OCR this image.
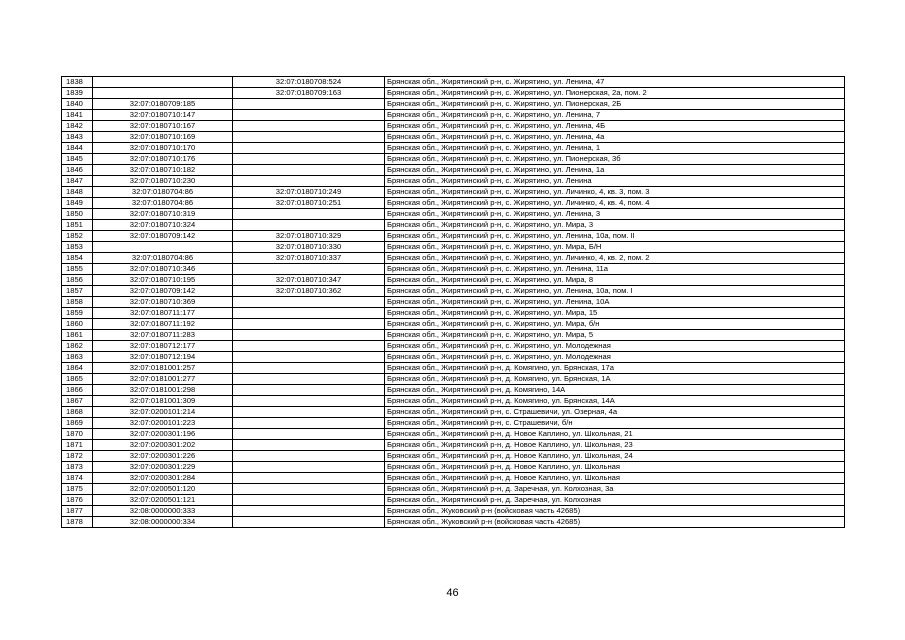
1838		32:07:0180708:524	Брянская обл., Жирятинский р-н, с. Жирятино, ул. Ленина, 47
1839		32:07:0180709:163	Брянская обл., Жирятинский р-н, с. Жирятино, ул. Пионерская, 2а, пом. 2
1840	32:07:0180709:185		Брянская обл., Жирятинский р-н, с. Жирятино, ул. Пионерская, 2Б
1841	32:07:0180710:147		Брянская обл., Жирятинский р-н, с. Жирятино, ул. Ленина, 7
1842	32:07:0180710:167		Брянская обл., Жирятинский р-н, с. Жирятино, ул. Ленина, 4Б
1843	32:07:0180710:169		Брянская обл., Жирятинский р-н, с. Жирятино, ул. Ленина, 4а
1844	32:07:0180710:170		Брянская обл., Жирятинский р-н, с. Жирятино, ул. Ленина, 1
1845	32:07:0180710:176		Брянская обл., Жирятинский р-н, с. Жирятино, ул. Пионерская, 3б
1846	32:07:0180710:182		Брянская обл., Жирятинский р-н, с. Жирятино, ул. Ленина, 1а
1847	32:07:0180710:230		Брянская обл., Жирятинский р-н, с. Жирятино, ул. Ленина
1848	32:07:0180704:86	32:07:0180710:249	Брянская обл., Жирятинский р-н, с. Жирятино, ул. Личинко, 4, кв. 3, пом. 3
1849	32:07:0180704:86	32:07:0180710:251	Брянская обл., Жирятинский р-н, с. Жирятино, ул. Личинко, 4, кв. 4, пом. 4
1850	32:07:0180710:319		Брянская обл., Жирятинский р-н, с. Жирятино, ул. Ленина, 3
1851	32:07:0180710:324		Брянская обл., Жирятинский р-н, с. Жирятино, ул. Мира, 3
1852	32:07:0180709:142	32:07:0180710:329	Брянская обл., Жирятинский р-н, с. Жирятино, ул. Ленина, 10а, пом. II
1853		32:07:0180710:330	Брянская обл., Жирятинский р-н, с. Жирятино, ул. Мира, Б/Н
1854	32:07:0180704:86	32:07:0180710:337	Брянская обл., Жирятинский р-н, с. Жирятино, ул. Личинко, 4, кв. 2, пом. 2
1855	32:07:0180710:346		Брянская обл., Жирятинский р-н, с. Жирятино, ул. Ленина, 11а
1856	32:07:0180710:195	32:07:0180710:347	Брянская обл., Жирятинский р-н, с. Жирятино, ул. Мира, 8
1857	32:07:0180709:142	32:07:0180710:362	Брянская обл., Жирятинский р-н, с. Жирятино, ул. Ленина, 10а, пом. I
1858	32:07:0180710:369		Брянская обл., Жирятинский р-н, с. Жирятино, ул. Ленина, 10А
1859	32:07:0180711:177		Брянская обл., Жирятинский р-н, с. Жирятино, ул. Мира, 15
1860	32:07:0180711:192		Брянская обл., Жирятинский р-н, с. Жирятино, ул. Мира, б/н
1861	32:07:0180711:283		Брянская обл., Жирятинский р-н, с. Жирятино, ул. Мира, 5
1862	32:07:0180712:177		Брянская обл., Жирятинский р-н, с. Жирятино, ул. Молодежная
1863	32:07:0180712:194		Брянская обл., Жирятинский р-н, с. Жирятино, ул. Молодежная
1864	32:07:0181001:257		Брянская обл., Жирятинский р-н, д. Комягино, ул. Брянская, 17а
1865	32:07:0181001:277		Брянская обл., Жирятинский р-н, д. Комягино, ул. Брянская, 1А
1866	32:07:0181001:298		Брянская обл., Жирятинский р-н, д. Комягино, 14А
1867	32:07:0181001:309		Брянская обл., Жирятинский р-н, д. Комягино, ул. Брянская, 14А
1868	32:07:0200101:214		Брянская обл., Жирятинский р-н, с. Страшевичи, ул. Озерная, 4а
1869	32:07:0200101:223		Брянская обл., Жирятинский р-н, с. Страшевичи, б/н
1870	32:07:0200301:196		Брянская обл., Жирятинский р-н, д. Новое Каплино, ул. Школьная, 21
1871	32:07:0200301:202		Брянская обл., Жирятинский р-н, д. Новое Каплино, ул. Школьная, 23
1872	32:07:0200301:226		Брянская обл., Жирятинский р-н, д. Новое Каплино, ул. Школьная, 24
1873	32:07:0200301:229		Брянская обл., Жирятинский р-н, д. Новое Каплино, ул. Школьная
1874	32:07:0200301:284		Брянская обл., Жирятинский р-н, д. Новое Каплино, ул. Школьная
1875	32:07:0200501:120		Брянская обл., Жирятинский р-н, д. Заречная, ул. Колхозная, 3а
1876	32:07:0200501:121		Брянская обл., Жирятинский р-н, д. Заречная, ул. Колхозная
1877	32:08:0000000:333		Брянская обл., Жуковский р-н (войсковая часть 42685)
1878	32:08:0000000:334		Брянская обл., Жуковский р-н (войсковая часть 42685)
46
